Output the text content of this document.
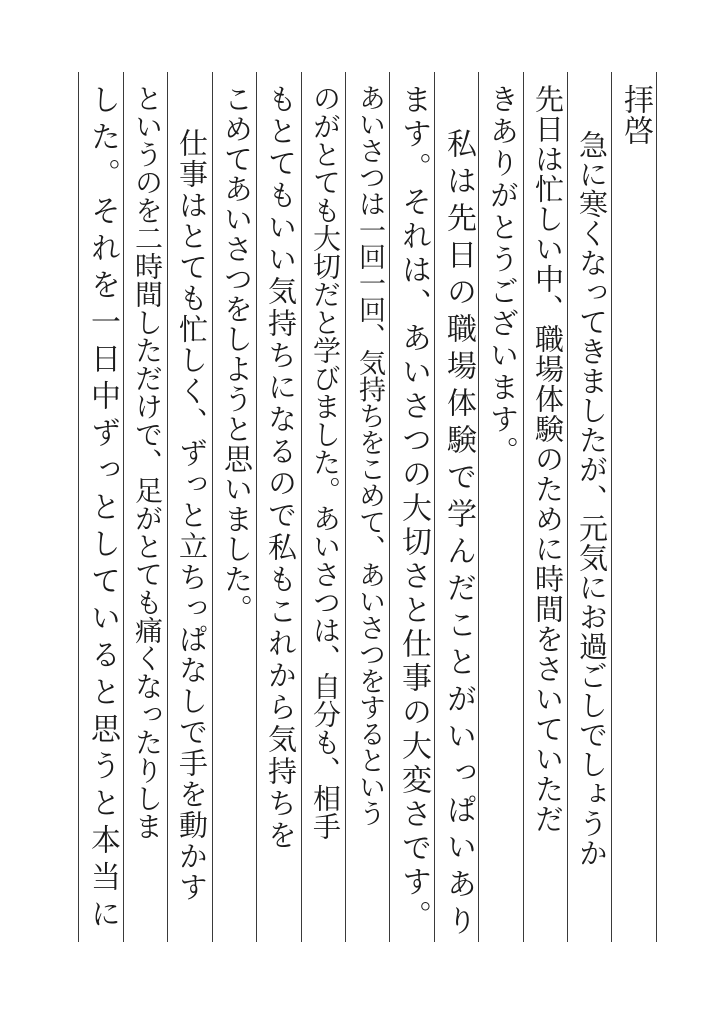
拝啓
急に寒くなってきましたが、元気にお過ごしでしょうか
先日は忙しい中、職場体験のために時間をさいていただ
きありがとうございます。
私は先日の職場体験で学んだことがいっぱいあり
ます。それは、あいさつの大切さと仕事の大変さです。
あいさつは一回一回、気持ちをこめて、あいさつをするという
のがとても大切だと学びました。あいさつは、自分も、相手
もとてもいい気持ちになるので私もこれから気持ちを
こめてあいさつをしようと思いました。
仕事はとても忙しく、ずっと立ちっぱなしで手を動かす
というのを二時間しただけで、足がとても痛くなったりしま
した。それを一日中ずっとしていると思うと本当に
